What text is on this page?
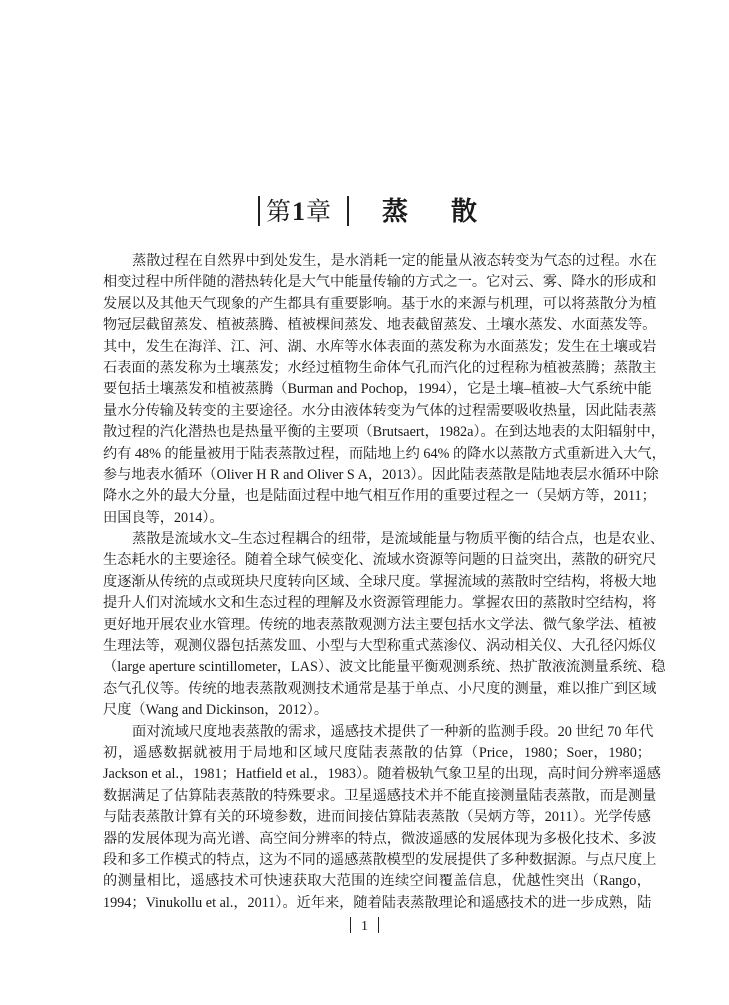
第1章 蒸 散
蒸散过程在自然界中到处发生，是水消耗一定的能量从液态转变为气态的过程。水在
相变过程中所伴随的潜热转化是大气中能量传输的方式之一。它对云、雾、降水的形成和
发展以及其他天气现象的产生都具有重要影响。基于水的来源与机理，可以将蒸散分为植
物冠层截留蒸发、植被蒸腾、植被棵间蒸发、地表截留蒸发、土壤水蒸发、水面蒸发等。
其中，发生在海洋、江、河、湖、水库等水体表面的蒸发称为水面蒸发；发生在土壤或岩
石表面的蒸发称为土壤蒸发；水经过植物生命体气孔而汽化的过程称为植被蒸腾；蒸散主
要包括土壤蒸发和植被蒸腾（Burman and Pochop，1994），它是土壤–植被–大气系统中能
量水分传输及转变的主要途径。水分由液体转变为气体的过程需要吸收热量，因此陆表蒸
散过程的汽化潜热也是热量平衡的主要项（Brutsaert，1982a）。在到达地表的太阳辐射中，
约有 48% 的能量被用于陆表蒸散过程，而陆地上约 64% 的降水以蒸散方式重新进入大气，
参与地表水循环（Oliver H R and Oliver S A，2013）。因此陆表蒸散是陆地表层水循环中除
降水之外的最大分量，也是陆面过程中地气相互作用的重要过程之一（吴炳方等，2011；
田国良等，2014）。
蒸散是流域水文–生态过程耦合的纽带，是流域能量与物质平衡的结合点，也是农业、
生态耗水的主要途径。随着全球气候变化、流域水资源等问题的日益突出，蒸散的研究尺
度逐渐从传统的点或斑块尺度转向区域、全球尺度。掌握流域的蒸散时空结构，将极大地
提升人们对流域水文和生态过程的理解及水资源管理能力。掌握农田的蒸散时空结构，将
更好地开展农业水管理。传统的地表蒸散观测方法主要包括水文学法、微气象学法、植被
生理法等，观测仪器包括蒸发皿、小型与大型称重式蒸渗仪、涡动相关仪、大孔径闪烁仪
（large aperture scintillometer，LAS）、波文比能量平衡观测系统、热扩散液流测量系统、稳
态气孔仪等。传统的地表蒸散观测技术通常是基于单点、小尺度的测量，难以推广到区域
尺度（Wang and Dickinson，2012）。
面对流域尺度地表蒸散的需求，遥感技术提供了一种新的监测手段。20 世纪 70 年代
初，遥感数据就被用于局地和区域尺度陆表蒸散的估算（Price，1980；Soer，1980；
Jackson et al.，1981；Hatfield et al.，1983）。随着极轨气象卫星的出现，高时间分辨率遥感
数据满足了估算陆表蒸散的特殊要求。卫星遥感技术并不能直接测量陆表蒸散，而是测量
与陆表蒸散计算有关的环境参数，进而间接估算陆表蒸散（吴炳方等，2011）。光学传感
器的发展体现为高光谱、高空间分辨率的特点，微波遥感的发展体现为多极化技术、多波
段和多工作模式的特点，这为不同的遥感蒸散模型的发展提供了多种数据源。与点尺度上
的测量相比，遥感技术可快速获取大范围的连续空间覆盖信息，优越性突出（Rango，
1994；Vinukollu et al.，2011）。近年来，随着陆表蒸散理论和遥感技术的进一步成熟，陆
1
